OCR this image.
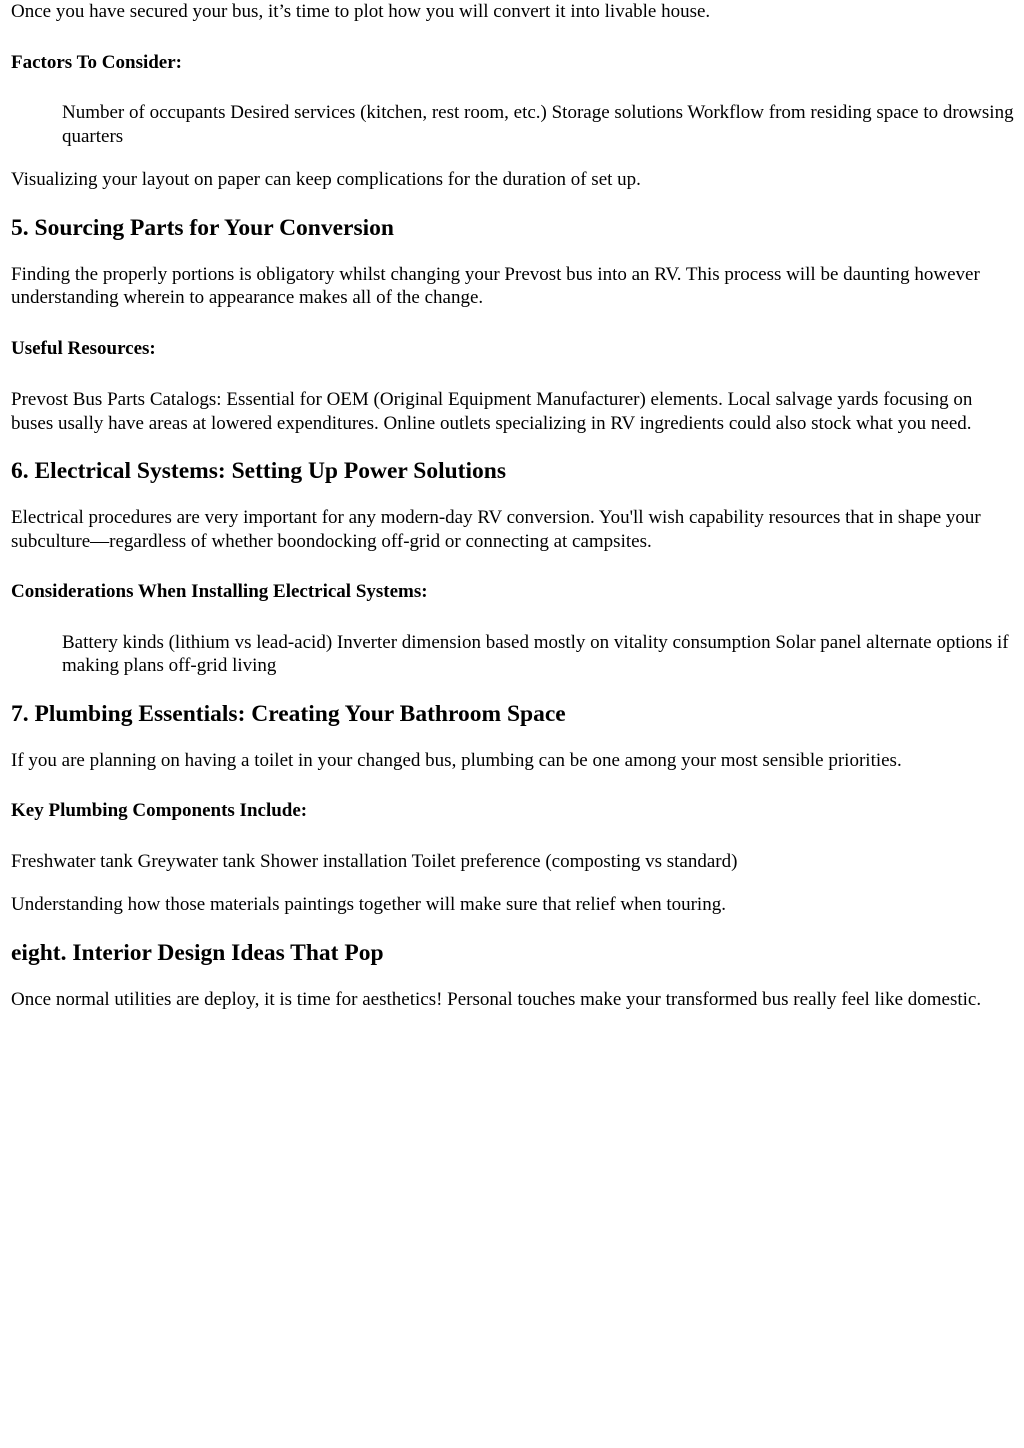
Once you have secured your bus, it’s time to plot how you will convert it into livable house.

Factors To Consider:
Number of occupants Desired services (kitchen, rest room, etc.) Storage solutions Workflow from residing space to drowsing quarters

Visualizing your layout on paper can keep complications for the duration of set up.

5. Sourcing Parts for Your Conversion

Finding the properly portions is obligatory whilst changing your Prevost bus into an RV. This process will be daunting however understanding wherein to appearance makes all of the change.

Useful Resources:

Prevost Bus Parts Catalogs: Essential for OEM (Original Equipment Manufacturer) elements. Local salvage yards focusing on buses usally have areas at lowered expenditures. Online outlets specializing in RV ingredients could also stock what you need.

6. Electrical Systems: Setting Up Power Solutions

Electrical procedures are very important for any modern-day RV conversion. You'll wish capability resources that in shape your subculture—regardless of whether boondocking off-grid or connecting at campsites.

Considerations When Installing Electrical Systems:
Battery kinds (lithium vs lead-acid) Inverter dimension based mostly on vitality consumption Solar panel alternate options if making plans off-grid living
7. Plumbing Essentials: Creating Your Bathroom Space

If you are planning on having a toilet in your changed bus, plumbing can be one among your most sensible priorities.

Key Plumbing Components Include:

Freshwater tank Greywater tank Shower installation Toilet preference (composting vs standard)

Understanding how those materials paintings together will make sure that relief when touring.

eight. Interior Design Ideas That Pop

Once normal utilities are deploy, it is time for aesthetics! Personal touches make your transformed bus really feel like domestic.
